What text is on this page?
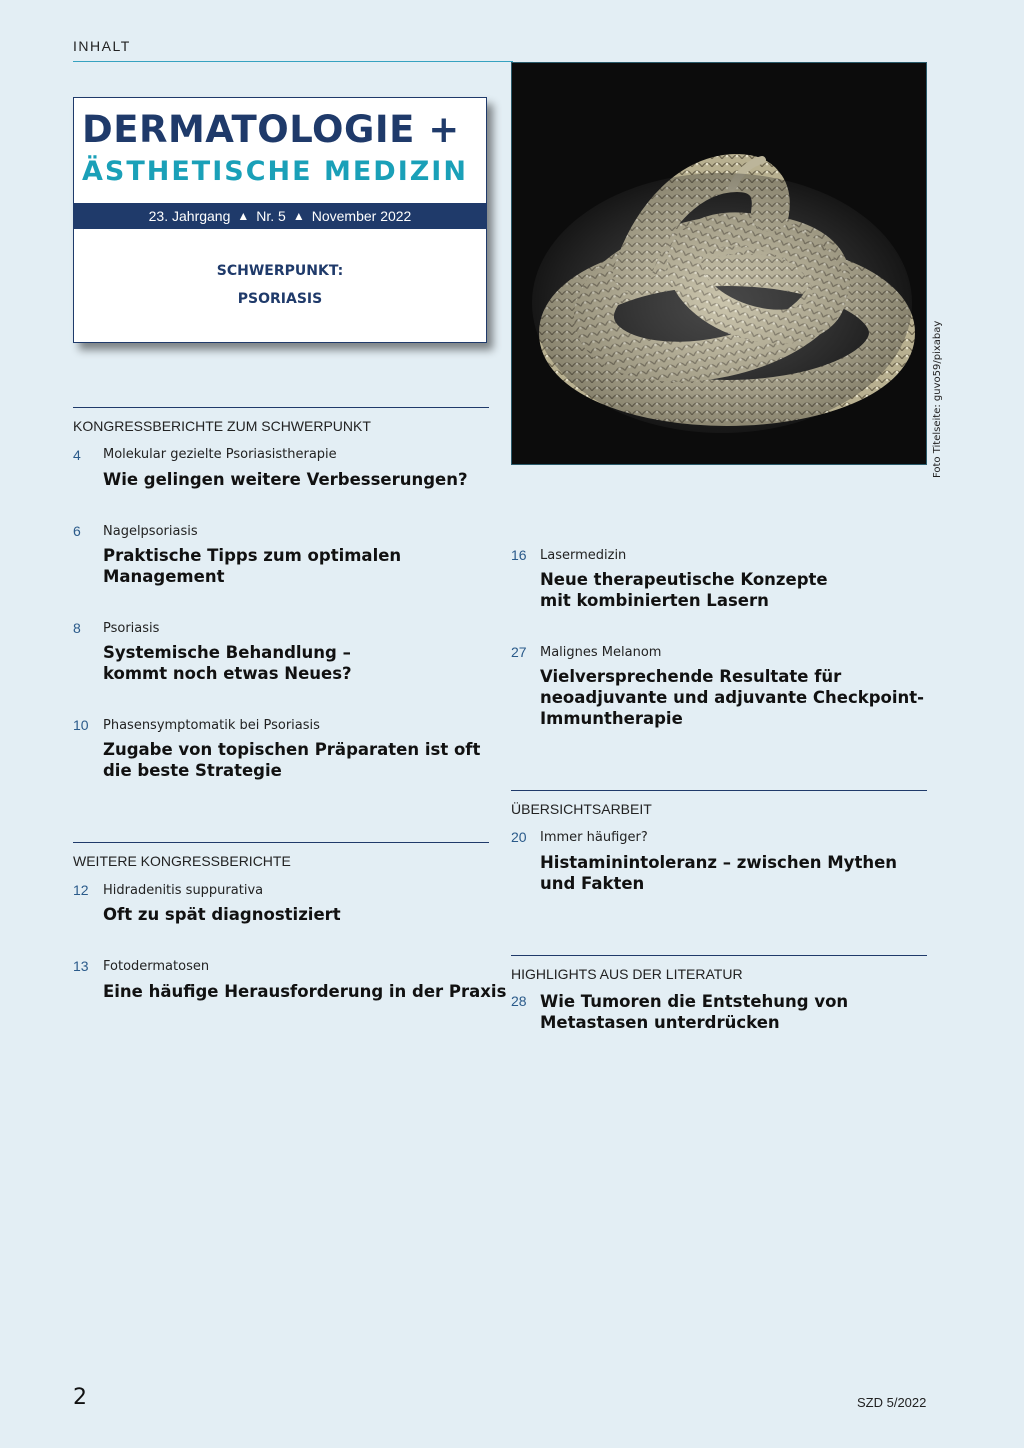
INHALT
DERMATOLOGIE +
ÄSTHETISCHE MEDIZIN
23. Jahrgang ▲ Nr. 5 ▲ November 2022
SCHWERPUNKT:
PSORIASIS
Foto Titelseite: guvo59/pixabay
KONGRESSBERICHTE ZUM SCHWERPUNKT
4 Molekular gezielte Psoriasistherapie
Wie gelingen weitere Verbesserungen?
6 Nagelpsoriasis
Praktische Tipps zum optimalen Management
8 Psoriasis
Systemische Behandlung – kommt noch etwas Neues?
10 Phasensymptomatik bei Psoriasis
Zugabe von topischen Präparaten ist oft die beste Strategie
WEITERE KONGRESSBERICHTE
12 Hidradenitis suppurativa
Oft zu spät diagnostiziert
13 Fotodermatosen
Eine häufige Herausforderung in der Praxis
16 Lasermedizin
Neue therapeutische Konzepte mit kombinierten Lasern
27 Malignes Melanom
Vielversprechende Resultate für neoadjuvante und adjuvante Checkpoint-Immuntherapie
ÜBERSICHTSARBEIT
20 Immer häufiger?
Histaminintoleranz – zwischen Mythen und Fakten
HIGHLIGHTS AUS DER LITERATUR
28 Wie Tumoren die Entstehung von Metastasen unterdrücken
2	SZD 5/2022
